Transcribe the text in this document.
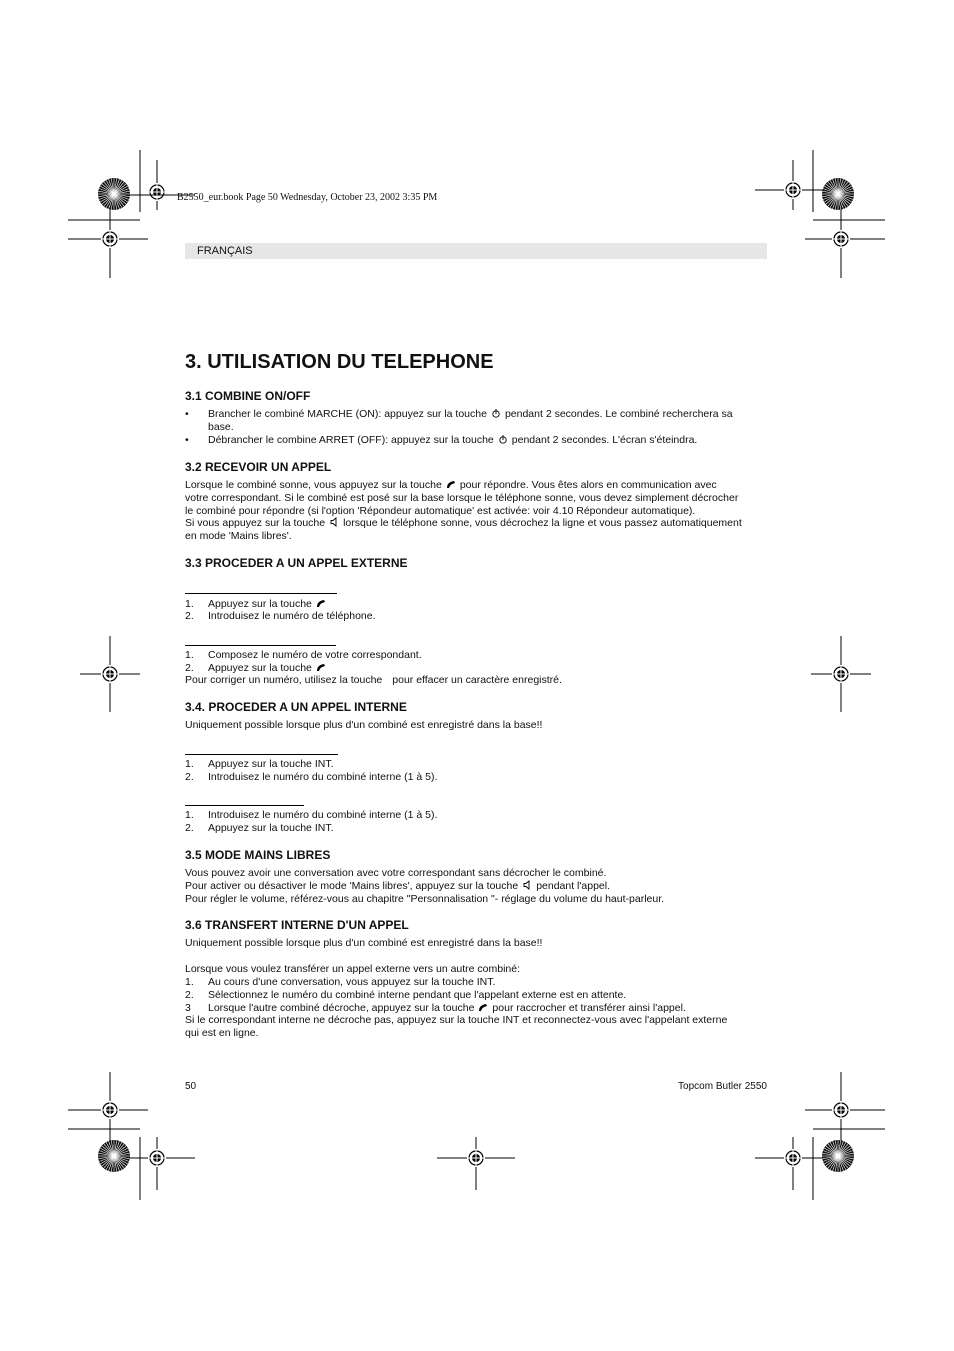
B2550_eur.book Page 50 Wednesday, October 23, 2002 3:35 PM
FRANÇAIS
3. UTILISATION DU TELEPHONE
3.1 COMBINE ON/OFF
• Brancher le combiné MARCHE (ON): appuyez sur la touche pendant 2 secondes. Le combiné recherchera sa
base.
• Débrancher le combine ARRET (OFF): appuyez sur la touche pendant 2 secondes. L'écran s'éteindra.
3.2 RECEVOIR UN APPEL
Lorsque le combiné sonne, vous appuyez sur la touche pour répondre. Vous êtes alors en communication avec
votre correspondant. Si le combiné est posé sur la base lorsque le téléphone sonne, vous devez simplement décrocher
le combiné pour répondre (si l'option 'Répondeur automatique' est activée: voir 4.10 Répondeur automatique).
Si vous appuyez sur la touche lorsque le téléphone sonne, vous décrochez la ligne et vous passez automatiquement
en mode 'Mains libres'.
3.3 PROCEDER A UN APPEL EXTERNE
1. Appuyez sur la touche
2. Introduisez le numéro de téléphone.
1. Composez le numéro de votre correspondant.
2. Appuyez sur la touche
Pour corriger un numéro, utilisez la touche pour effacer un caractère enregistré.
3.4. PROCEDER A UN APPEL INTERNE
Uniquement possible lorsque plus d'un combiné est enregistré dans la base!!
1. Appuyez sur la touche INT.
2. Introduisez le numéro du combiné interne (1 à 5).
1. Introduisez le numéro du combiné interne (1 à 5).
2. Appuyez sur la touche INT.
3.5 MODE MAINS LIBRES
Vous pouvez avoir une conversation avec votre correspondant sans décrocher le combiné.
Pour activer ou désactiver le mode 'Mains libres', appuyez sur la touche pendant l'appel.
Pour régler le volume, référez-vous au chapitre "Personnalisation "- réglage du volume du haut-parleur.
3.6 TRANSFERT INTERNE D'UN APPEL
Uniquement possible lorsque plus d'un combiné est enregistré dans la base!!
Lorsque vous voulez transférer un appel externe vers un autre combiné:
1. Au cours d'une conversation, vous appuyez sur la touche INT.
2. Sélectionnez le numéro du combiné interne pendant que l'appelant externe est en attente.
3 Lorsque l'autre combiné décroche, appuyez sur la touche pour raccrocher et transférer ainsi l'appel.
Si le correspondant interne ne décroche pas, appuyez sur la touche INT et reconnectez-vous avec l'appelant externe
qui est en ligne.
50	Topcom Butler 2550
